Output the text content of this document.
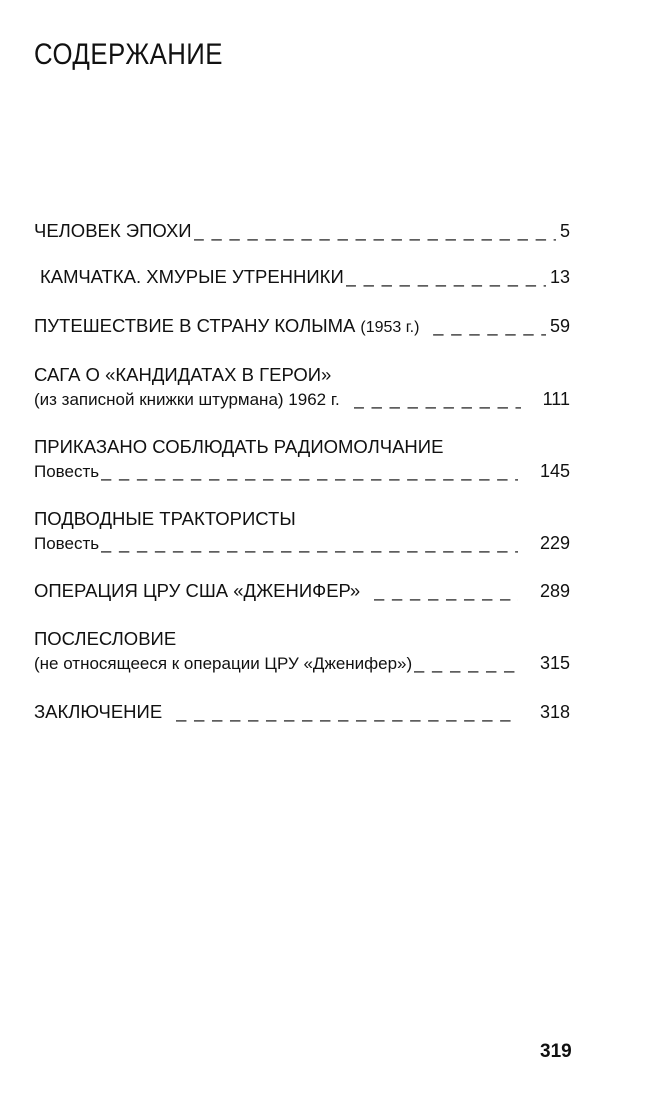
СОДЕРЖАНИЕ
ЧЕЛОВЕК ЭПОХИ _ _ _	5
КАМЧАТКА. ХМУРЫЕ УТРЕННИКИ _ _ _	13
ПУТЕШЕСТВИЕ В СТРАНУ КОЛЫМА (1953 г.) _ _ _	59
САГА О «КАНДИДАТАХ В ГЕРОИ»
(из записной книжки штурмана) 1962 г. _ _ _	111
ПРИКАЗАНО СОБЛЮДАТЬ РАДИОМОЛЧАНИЕ
Повесть _ _ _	145
ПОДВОДНЫЕ ТРАКТОРИСТЫ
Повесть _ _ _	229
ОПЕРАЦИЯ ЦРУ США «ДЖЕНИФЕР» _ _ _	289
ПОСЛЕСЛОВИЕ
(не относящееся к операции ЦРУ «Дженифер») _ _ _	315
ЗАКЛЮЧЕНИЕ _ _ _	318
319
